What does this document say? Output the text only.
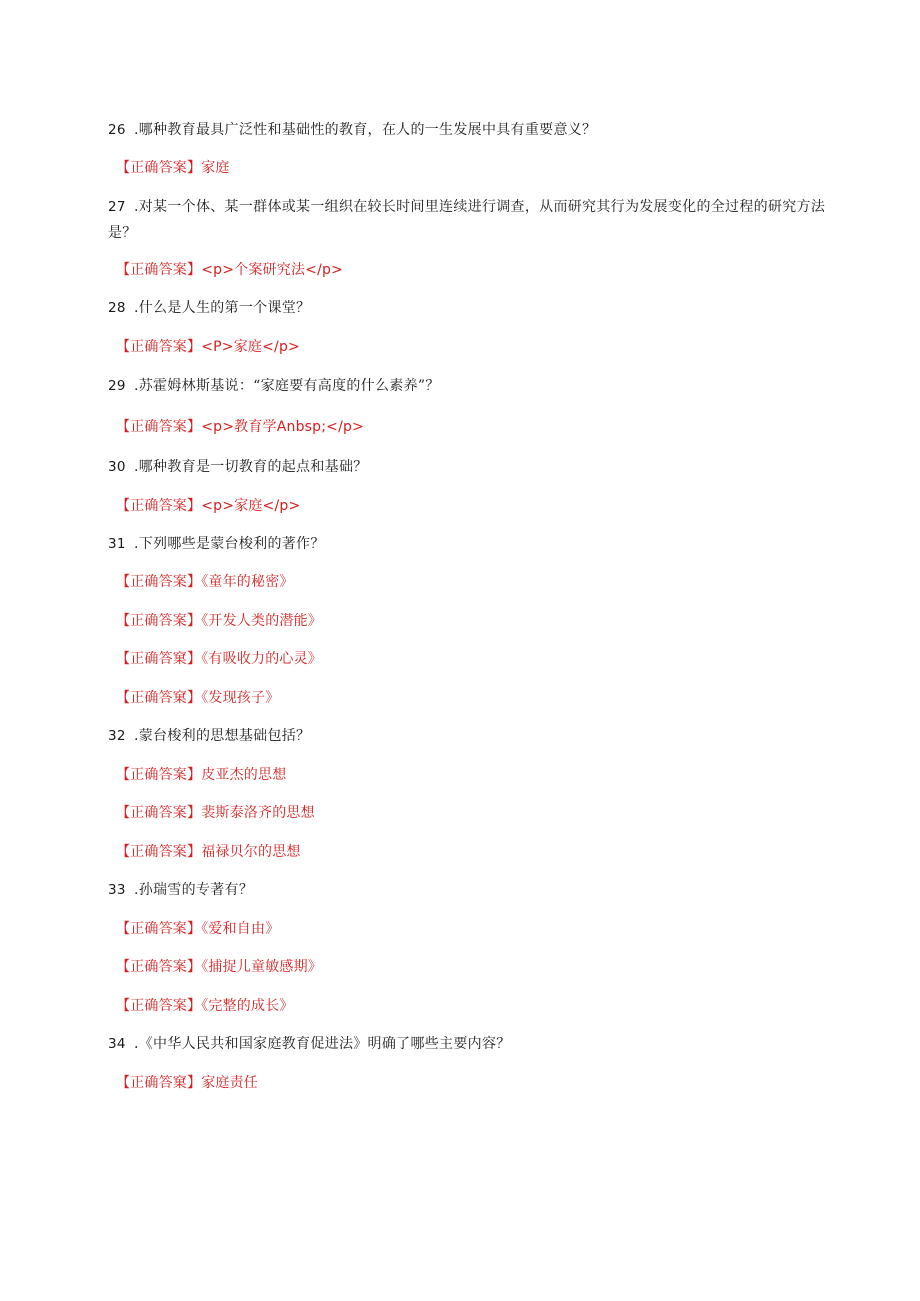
26 .哪种教育最具广泛性和基础性的教育，在人的一生发展中具有重要意义？
【正确答案】家庭
27 .对某一个体、某一群体或某一组织在较长时间里连续进行调查，从而研究其行为发展变化的全过程的研究方法是？
【正确答案】<p>个案研究法</p>
28 .什么是人生的第一个课堂？
【正确答案】<P>家庭</p>
29 .苏霍姆林斯基说：“家庭要有高度的什么素养”？
【正确答案】<p>教育学Anbsp;</p>
30 .哪种教育是一切教育的起点和基础？
【正确答案】<p>家庭</p>
31 .下列哪些是蒙台梭利的著作？
【正确答案】《童年的秘密》
【正确答案】《开发人类的潜能》
【正确答窠】《有吸收力的心灵》
【正确答窠】《发现孩子》
32 .蒙台梭利的思想基础包括？
【正确答案】皮亚杰的思想
【正确答案】裴斯泰洛齐的思想
【正确答案】福禄贝尔的思想
33 .孙瑞雪的专著有？
【正确答案】《爱和自由》
【正确答案】《捕捉儿童敏感期》
【正确答案】《完整的成长》
34 .《中华人民共和国家庭教育促进法》明确了哪些主要内容？
【正确答窠】家庭责任
